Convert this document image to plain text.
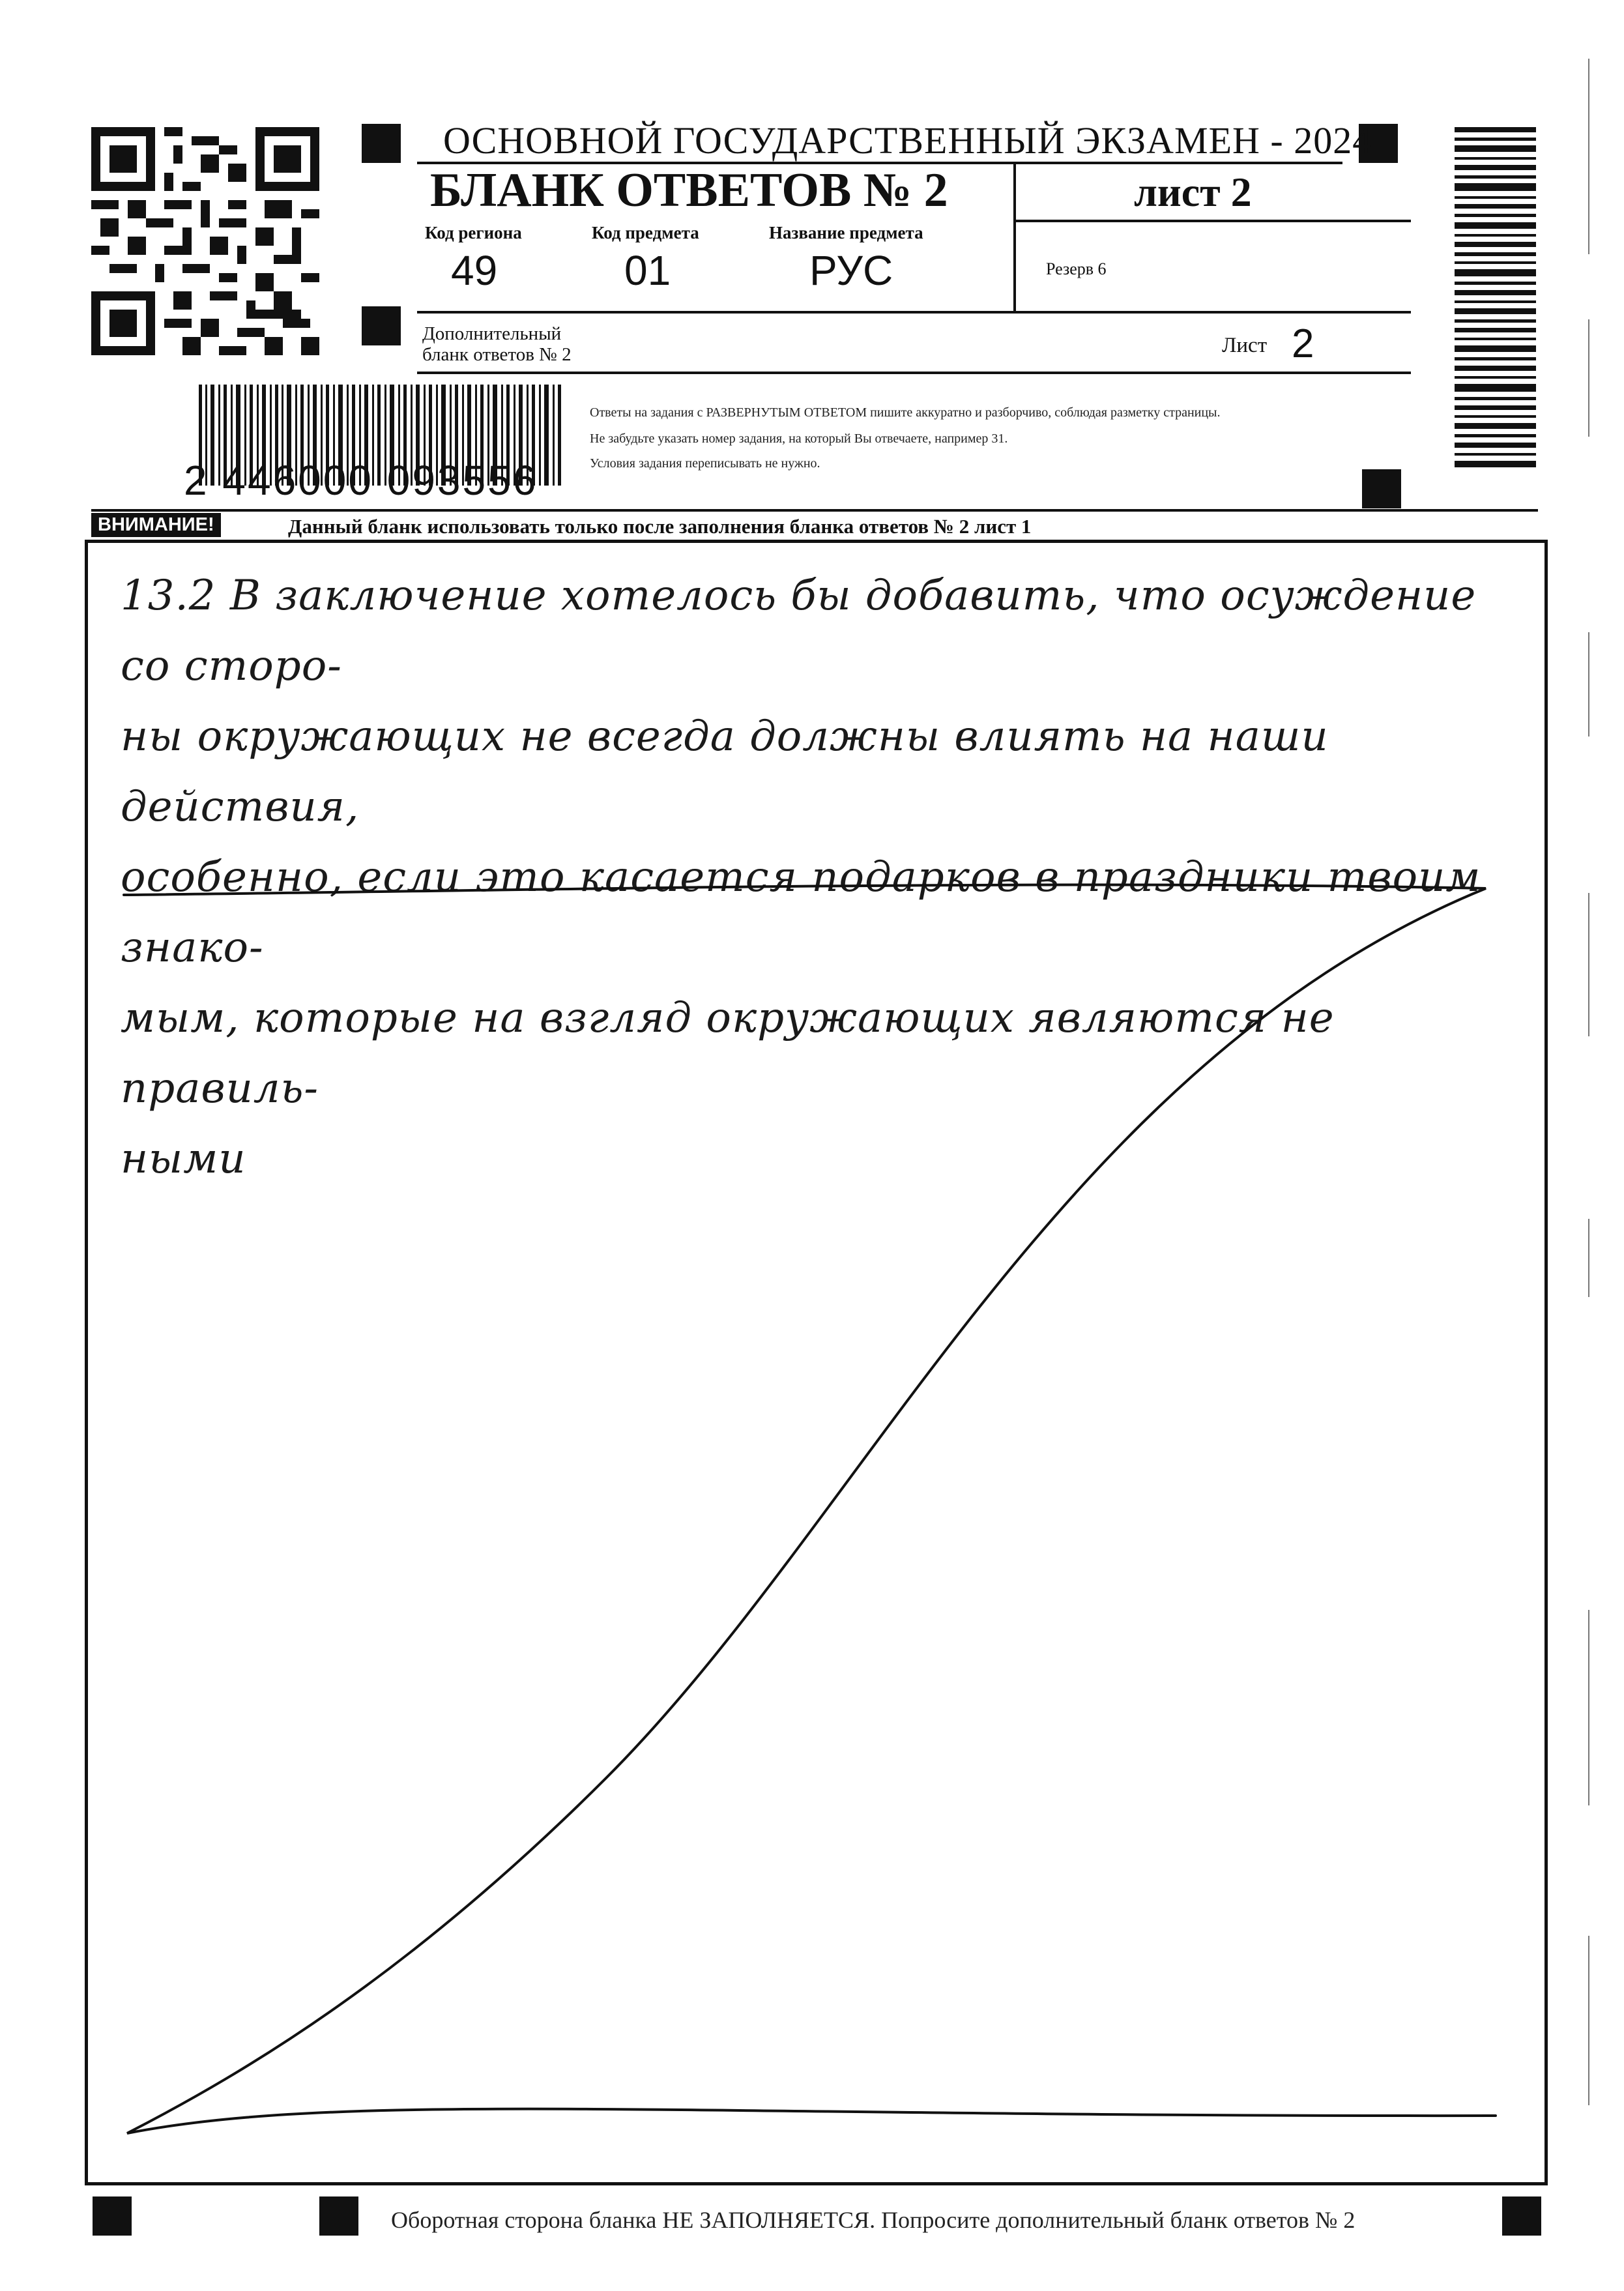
ОСНОВНОЙ ГОСУДАРСТВЕННЫЙ ЭКЗАМЕН - 2024
БЛАНК ОТВЕТОВ № 2	лист 2
Код региона
49
Код предмета
01
Название предмета
РУС	Резерв 6
Дополнительный
бланк ответов № 2	Лист 2
2 446000 093556
Ответы на задания с РАЗВЕРНУТЫМ ОТВЕТОМ пишите аккуратно и разборчиво, соблюдая разметку страницы.
Не забудьте указать номер задания, на который Вы отвечаете, например 31.
Условия задания переписывать не нужно.
ВНИМАНИЕ!	Данный бланк использовать только после заполнения бланка ответов № 2 лист 1
13.2 В заключение хотелось бы добавить, что осуждение со сторо-
ны окружающих не всегда должны влиять на наши действия,
особенно, если это касается подарков в праздники твоим знако-
мым, которые на взгляд окружающих являются не правиль-
ными
Оборотная сторона бланка НЕ ЗАПОЛНЯЕТСЯ. Попросите дополнительный бланк ответов № 2
